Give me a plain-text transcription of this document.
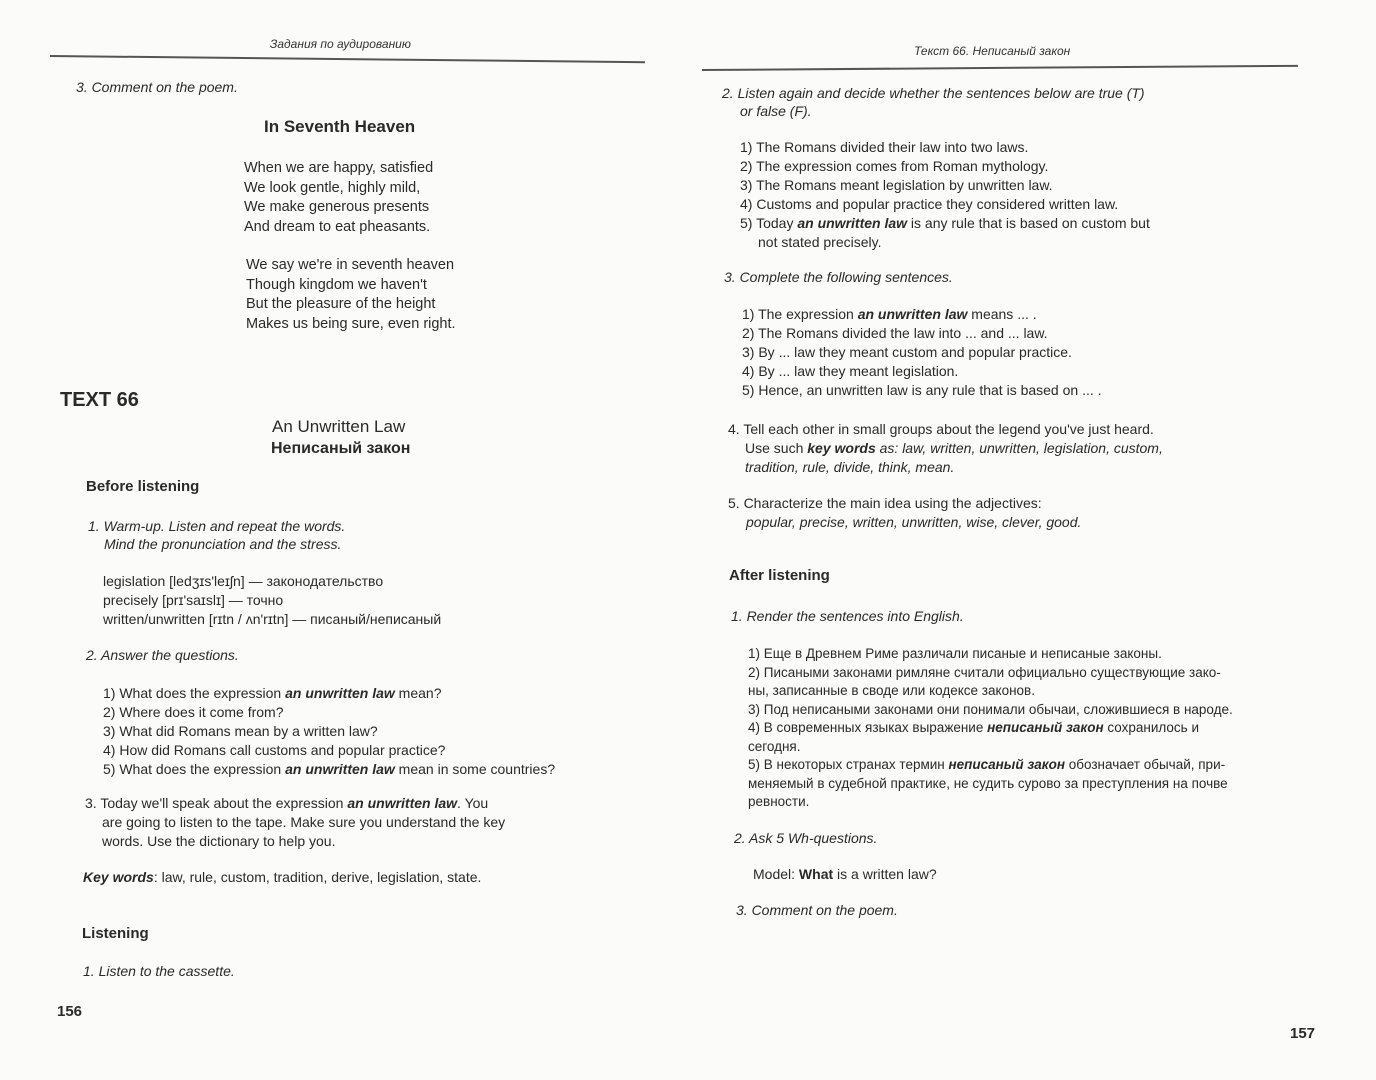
Задания по аудированию
3. Comment on the poem.
In Seventh Heaven
When we are happy, satisfied
We look gentle, highly mild,
We make generous presents
And dream to eat pheasants.
We say we're in seventh heaven
Though kingdom we haven't
But the pleasure of the height
Makes us being sure, even right.
TEXT 66
An Unwritten Law
Неписаный закон
Before listening
1. Warm-up. Listen and repeat the words.
Mind the pronunciation and the stress.
legislation [ledʒɪs'leɪʃn] — законодательство
precisely [prɪ'saɪslɪ] — точно
written/unwritten [rɪtn / ʌn'rɪtn] — писаный/неписаный
2. Answer the questions.
1) What does the expression an unwritten law mean?
2) Where does it come from?
3) What did Romans mean by a written law?
4) How did Romans call customs and popular practice?
5) What does the expression an unwritten law mean in some countries?
3. Today we'll speak about the expression an unwritten law. You
are going to listen to the tape. Make sure you understand the key
words. Use the dictionary to help you.
Key words: law, rule, custom, tradition, derive, legislation, state.
Listening
1. Listen to the cassette.
156
Текст 66. Неписаный закон
2. Listen again and decide whether the sentences below are true (T)
or false (F).
1) The Romans divided their law into two laws.
2) The expression comes from Roman mythology.
3) The Romans meant legislation by unwritten law.
4) Customs and popular practice they considered written law.
5) Today an unwritten law is any rule that is based on custom but
not stated precisely.
3. Complete the following sentences.
1) The expression an unwritten law means ... .
2) The Romans divided the law into ... and ... law.
3) By ... law they meant custom and popular practice.
4) By ... law they meant legislation.
5) Hence, an unwritten law is any rule that is based on ... .
4. Tell each other in small groups about the legend you've just heard.
Use such key words as: law, written, unwritten, legislation, custom,
tradition, rule, divide, think, mean.
5. Characterize the main idea using the adjectives:
popular, precise, written, unwritten, wise, clever, good.
After listening
1. Render the sentences into English.
1) Еще в Древнем Риме различали писаные и неписаные законы.
2) Писаными законами римляне считали официально существующие зако-
ны, записанные в своде или кодексе законов.
3) Под неписаными законами они понимали обычаи, сложившиеся в народе.
4) В современных языках выражение неписаный закон сохранилось и
сегодня.
5) В некоторых странах термин неписаный закон обозначает обычай, при-
меняемый в судебной практике, не судить сурово за преступления на почве
ревности.
2. Ask 5 Wh-questions.
Model: What is a written law?
3. Comment on the poem.
157
